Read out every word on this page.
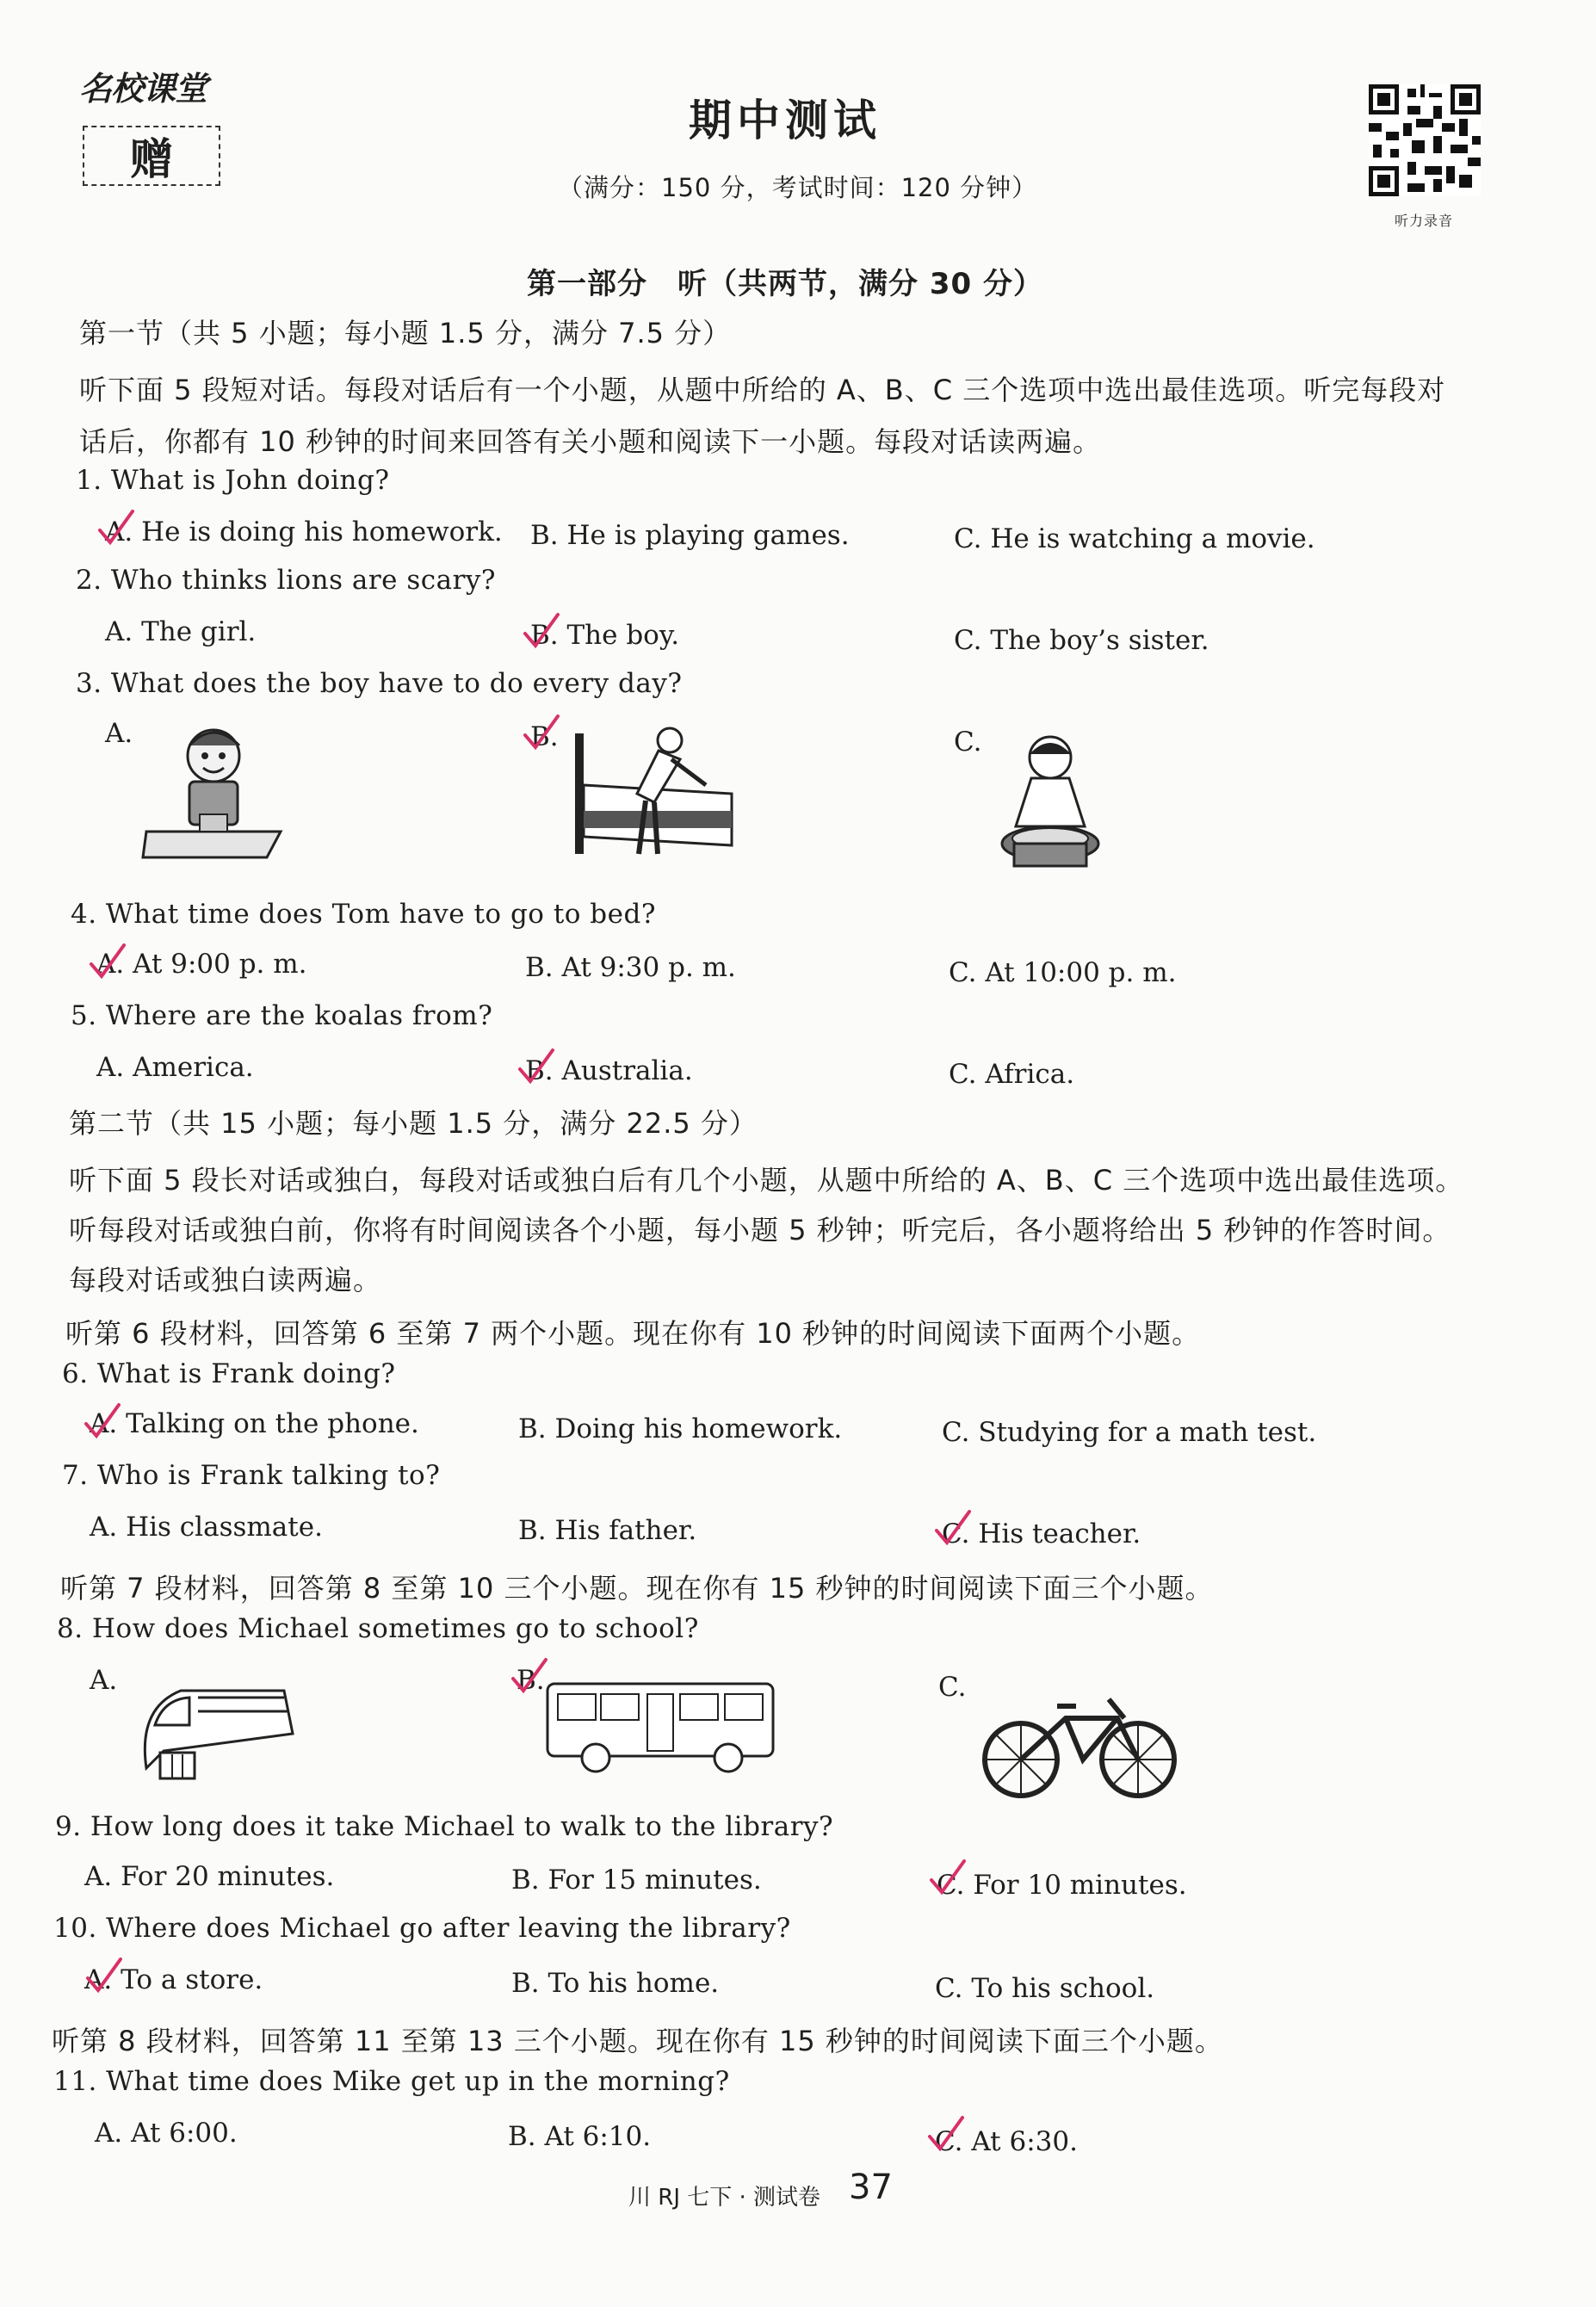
名校课堂
赠
期中测试
（满分：150 分，考试时间：120 分钟）
听力录音
第一部分　听（共两节，满分 30 分）
第一节（共 5 小题；每小题 1.5 分，满分 7.5 分）
听下面 5 段短对话。每段对话后有一个小题，从题中所给的 A、B、C 三个选项中选出最佳选项。听完每段对
话后，你都有 10 秒钟的时间来回答有关小题和阅读下一小题。每段对话读两遍。
1. What is John doing?
A. He is doing his homework. B. He is playing games.	C. He is watching a movie.
2. Who thinks lions are scary?
A. The girl.	B. The boy.	C. The boy’s sister.
3. What does the boy have to do every day?
A.	B.	C.
4. What time does Tom have to go to bed?
A. At 9:00 p. m.	B. At 9:30 p. m.	C. At 10:00 p. m.
5. Where are the koalas from?
A. America.	B. Australia.	C. Africa.
第二节（共 15 小题；每小题 1.5 分，满分 22.5 分）
听下面 5 段长对话或独白，每段对话或独白后有几个小题，从题中所给的 A、B、C 三个选项中选出最佳选项。
听每段对话或独白前，你将有时间阅读各个小题，每小题 5 秒钟；听完后，各小题将给出 5 秒钟的作答时间。
每段对话或独白读两遍。
听第 6 段材料，回答第 6 至第 7 两个小题。现在你有 10 秒钟的时间阅读下面两个小题。
6. What is Frank doing?
A. Talking on the phone.	B. Doing his homework.	C. Studying for a math test.
7. Who is Frank talking to?
A. His classmate.	B. His father.	C. His teacher.
听第 7 段材料，回答第 8 至第 10 三个小题。现在你有 15 秒钟的时间阅读下面三个小题。
8. How does Michael sometimes go to school?
A.	B.	C.
9. How long does it take Michael to walk to the library?
A. For 20 minutes.	B. For 15 minutes.	C. For 10 minutes.
10. Where does Michael go after leaving the library?
A. To a store.	B. To his home.	C. To his school.
听第 8 段材料，回答第 11 至第 13 三个小题。现在你有 15 秒钟的时间阅读下面三个小题。
11. What time does Mike get up in the morning?
A. At 6:00.	B. At 6:10.	C. At 6:30.
川 RJ 七下 · 测试卷 37
